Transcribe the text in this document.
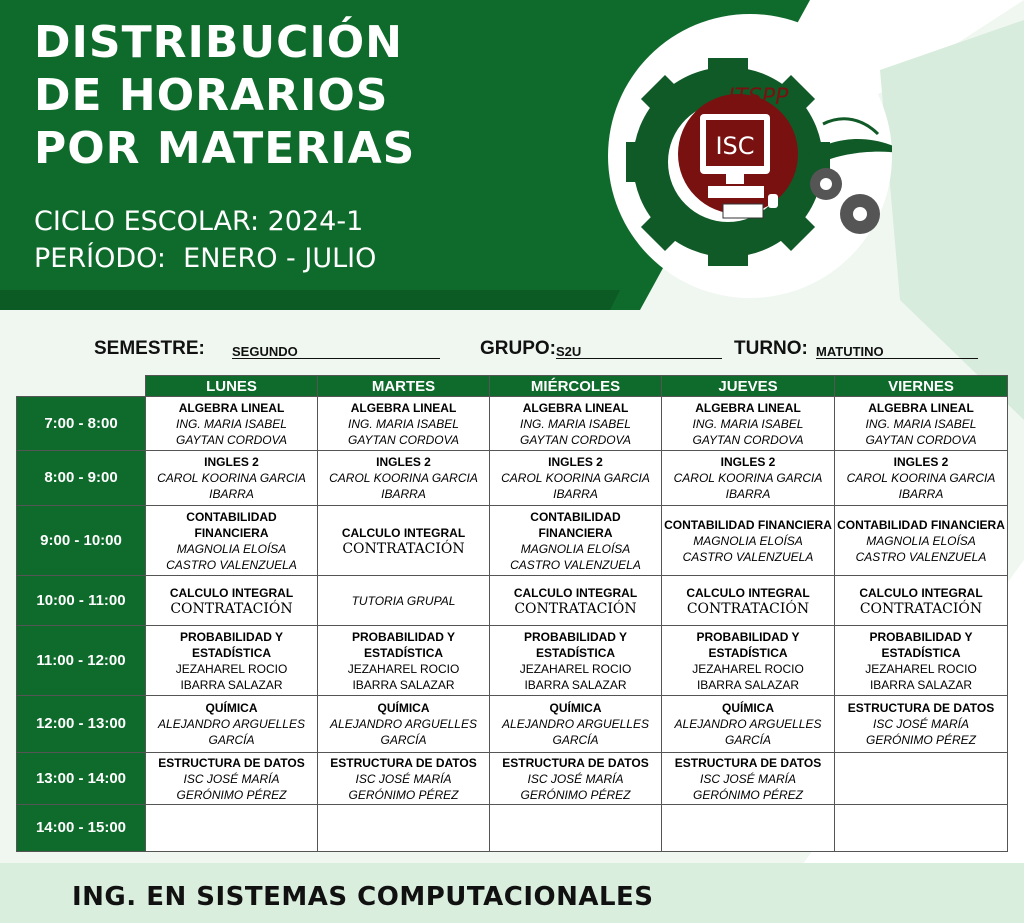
DISTRIBUCIÓN
DE HORARIOS
POR MATERIAS
CICLO ESCOLAR: 2024-1
PERÍODO:  ENERO - JULIO
ISC
ITSPP
SEMESTRE: SEGUNDO	GRUPO: S2U	TURNO: MATUTINO
	LUNES	MARTES	MIÉRCOLES	JUEVES	VIERNES
7:00 - 8:00	ALGEBRA LINEAL
ING. MARIA ISABEL
GAYTAN CORDOVA	ALGEBRA LINEAL
ING. MARIA ISABEL
GAYTAN CORDOVA	ALGEBRA LINEAL
ING. MARIA ISABEL
GAYTAN CORDOVA	ALGEBRA LINEAL
ING. MARIA ISABEL
GAYTAN CORDOVA	ALGEBRA LINEAL
ING. MARIA ISABEL
GAYTAN CORDOVA

8:00 - 9:00	INGLES 2
CAROL KOORINA GARCIA
IBARRA	INGLES 2
CAROL KOORINA GARCIA
IBARRA	INGLES 2
CAROL KOORINA GARCIA
IBARRA	INGLES 2
CAROL KOORINA GARCIA
IBARRA	INGLES 2
CAROL KOORINA GARCIA
IBARRA

9:00 - 10:00	CONTABILIDAD FINANCIERA
MAGNOLIA ELOÍSA
CASTRO VALENZUELA	CALCULO INTEGRAL
CONTRATACIÓN	CONTABILIDAD FINANCIERA
MAGNOLIA ELOÍSA
CASTRO VALENZUELA	CONTABILIDAD FINANCIERA
MAGNOLIA ELOÍSA
CASTRO VALENZUELA	CONTABILIDAD FINANCIERA
MAGNOLIA ELOÍSA
CASTRO VALENZUELA

10:00 - 11:00	CALCULO INTEGRAL
CONTRATACIÓN	TUTORIA GRUPAL	CALCULO INTEGRAL
CONTRATACIÓN	CALCULO INTEGRAL
CONTRATACIÓN	CALCULO INTEGRAL
CONTRATACIÓN

11:00 - 12:00	PROBABILIDAD Y ESTADÍSTICA
JEZAHAREL ROCIO
IBARRA SALAZAR	PROBABILIDAD Y ESTADÍSTICA
JEZAHAREL ROCIO
IBARRA SALAZAR	PROBABILIDAD Y ESTADÍSTICA
JEZAHAREL ROCIO
IBARRA SALAZAR	PROBABILIDAD Y ESTADÍSTICA
JEZAHAREL ROCIO
IBARRA SALAZAR	PROBABILIDAD Y ESTADÍSTICA
JEZAHAREL ROCIO
IBARRA SALAZAR

12:00 - 13:00	QUÍMICA
ALEJANDRO ARGUELLES
GARCÍA	QUÍMICA
ALEJANDRO ARGUELLES
GARCÍA	QUÍMICA
ALEJANDRO ARGUELLES
GARCÍA	QUÍMICA
ALEJANDRO ARGUELLES
GARCÍA	ESTRUCTURA DE DATOS
ISC JOSÉ MARÍA
GERÓNIMO PÉREZ

13:00 - 14:00	ESTRUCTURA DE DATOS
ISC JOSÉ MARÍA
GERÓNIMO PÉREZ	ESTRUCTURA DE DATOS
ISC JOSÉ MARÍA
GERÓNIMO PÉREZ	ESTRUCTURA DE DATOS
ISC JOSÉ MARÍA
GERÓNIMO PÉREZ	ESTRUCTURA DE DATOS
ISC JOSÉ MARÍA
GERÓNIMO PÉREZ	

14:00 - 15:00					
ING. EN SISTEMAS COMPUTACIONALES
